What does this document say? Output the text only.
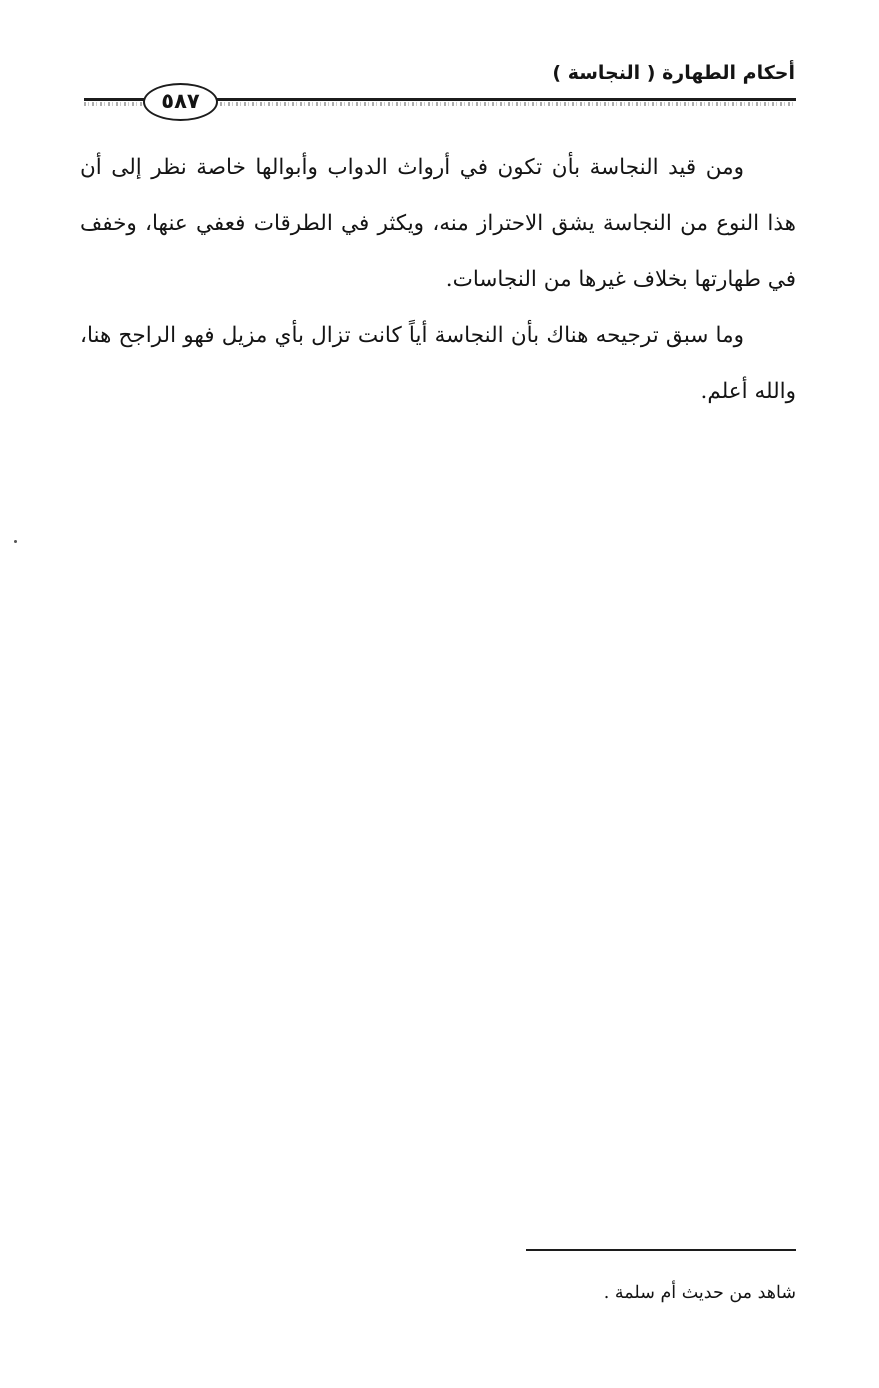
أحكام الطهارة ( النجاسة )
٥٨٧

ومن قيد النجاسة بأن تكون في أرواث الدواب وأبوالها خاصة نظر إلى أن هذا النوع من النجاسة يشق الاحتراز منه، ويكثر في الطرقات فعفي عنها، وخفف في طهارتها بخلاف غيرها من النجاسات.

وما سبق ترجيحه هناك بأن النجاسة أياً كانت تزال بأي مزيل فهو الراجح هنا، والله أعلم.

شاهد من حديث أم سلمة .
